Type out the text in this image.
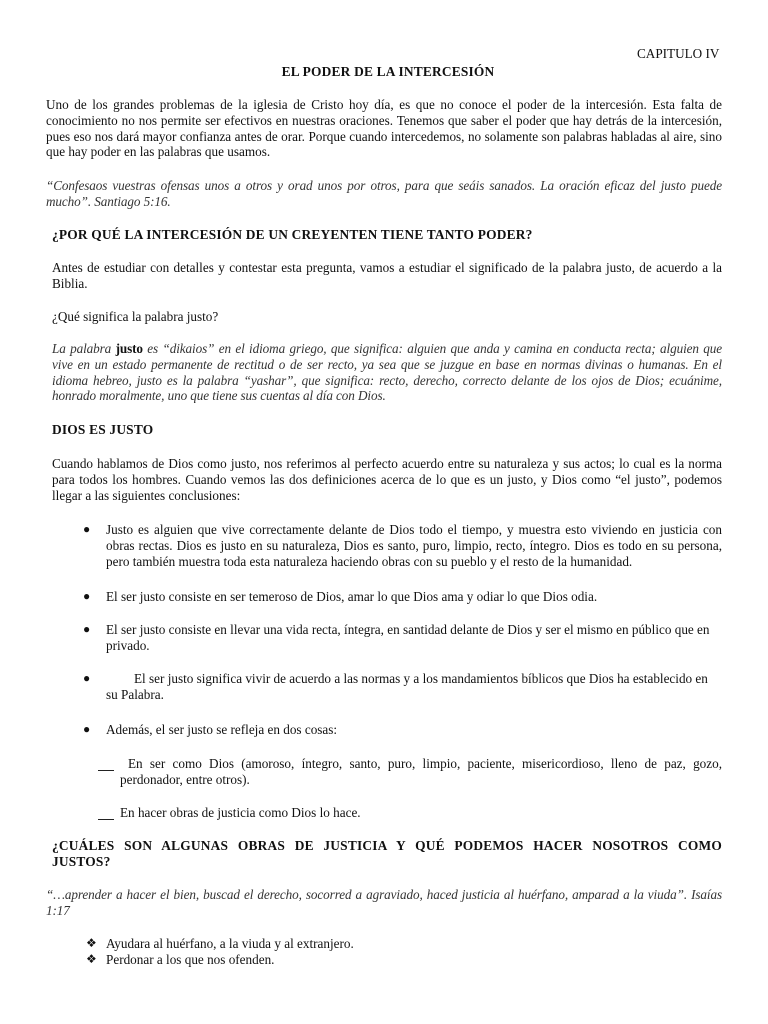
CAPITULO IV
EL PODER DE LA INTERCESIÓN

Uno de los grandes problemas de la iglesia de Cristo hoy día, es que no conoce el poder de la intercesión. Esta falta de conocimiento no nos permite ser efectivos en nuestras oraciones. Tenemos que saber el poder que hay detrás de la intercesión, pues eso nos dará mayor confianza antes de orar. Porque cuando intercedemos, no solamente son palabras habladas al aire, sino que hay poder en las palabras que usamos.

“Confesaos vuestras ofensas unos a otros y orad unos por otros, para que seáis sanados. La oración eficaz del justo puede mucho”. Santiago 5:16.

¿POR QUÉ LA INTERCESIÓN DE UN CREYENTEN TIENE TANTO PODER?

Antes de estudiar con detalles y contestar esta pregunta, vamos a estudiar el significado de la palabra justo, de acuerdo a la Biblia.

¿Qué significa la palabra justo?

La palabra justo es “dikaios” en el idioma griego, que significa: alguien que anda y camina en conducta recta; alguien que vive en un estado permanente de rectitud o de ser recto, ya sea que se juzgue en base en normas divinas o humanas. En el idioma hebreo, justo es la palabra “yashar”, que significa: recto, derecho, correcto delante de los ojos de Dios; ecuánime, honrado moralmente, uno que tiene sus cuentas al día con Dios.

DIOS ES JUSTO

Cuando hablamos de Dios como justo, nos referimos al perfecto acuerdo entre su naturaleza y sus actos; lo cual es la norma para todos los hombres. Cuando vemos las dos definiciones acerca de lo que es un justo, y Dios como “el justo”, podemos llegar a las siguientes conclusiones:

● Justo es alguien que vive correctamente delante de Dios todo el tiempo, y muestra esto viviendo en justicia con obras rectas. Dios es justo en su naturaleza, Dios es santo, puro, limpio, recto, íntegro. Dios es todo en su persona, pero también muestra toda esta naturaleza haciendo obras con su pueblo y el resto de la humanidad.

● El ser justo consiste en ser temeroso de Dios, amar lo que Dios ama y odiar lo que Dios odia.

● El ser justo consiste en llevar una vida recta, íntegra, en santidad delante de Dios y ser el mismo en público que en privado.

●	El ser justo significa vivir de acuerdo a las normas y a los mandamientos bíblicos que Dios ha establecido en su Palabra.

● Además, el ser justo se refleja en dos cosas:

En ser como Dios (amoroso, íntegro, santo, puro, limpio, paciente, misericordioso, lleno de paz, gozo, perdonador, entre otros).

En hacer obras de justicia como Dios lo hace.

¿CUÁLES SON ALGUNAS OBRAS DE JUSTICIA Y QUÉ PODEMOS HACER NOSOTROS COMO JUSTOS?

“…aprender a hacer el bien, buscad el derecho, socorred a agraviado, haced justicia al huérfano, amparad a la viuda”. Isaías 1:17

❖ Ayudara al huérfano, a la viuda y al extranjero.

❖ Perdonar a los que nos ofenden.
